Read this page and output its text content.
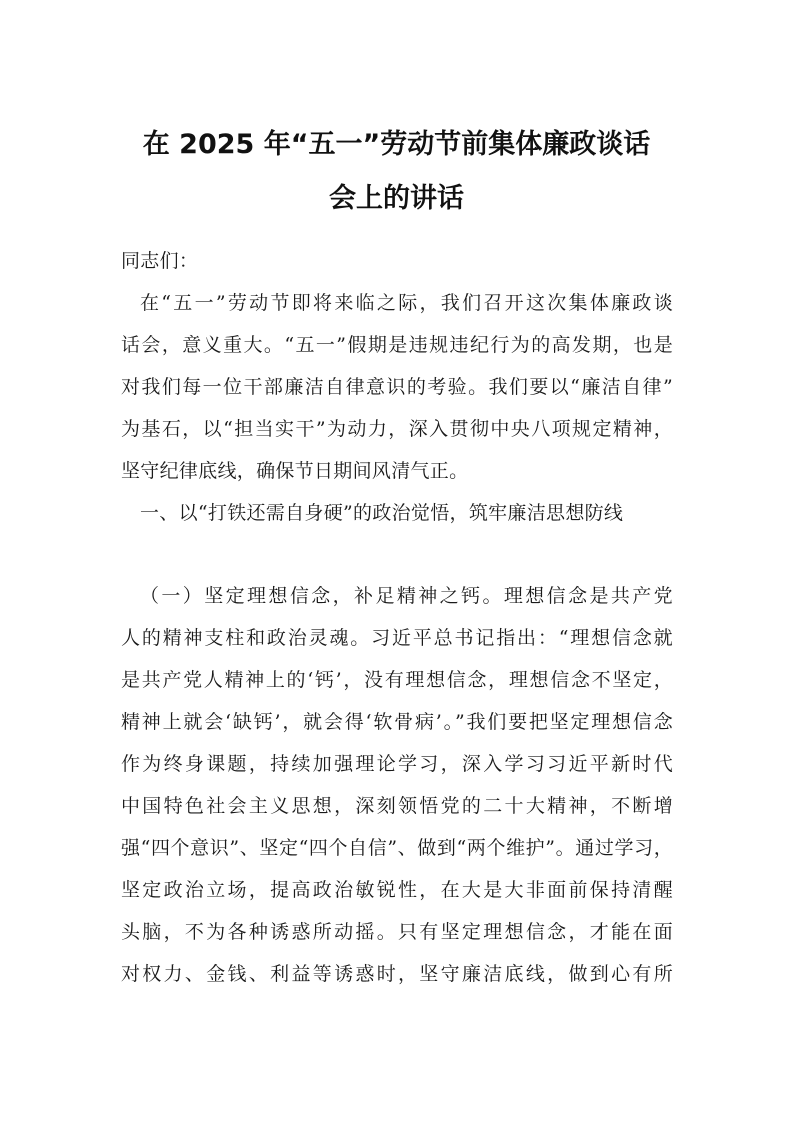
在 2025 年“五一”劳动节前集体廉政谈话
会上的讲话

同志们：

在“五一”劳动节即将来临之际，我们召开这次集体廉政谈

话会，意义重大。“五一”假期是违规违纪行为的高发期，也是

对我们每一位干部廉洁自律意识的考验。我们要以“廉洁自律”

为基石，以“担当实干”为动力，深入贯彻中央八项规定精神，

坚守纪律底线，确保节日期间风清气正。

一、以“打铁还需自身硬”的政治觉悟，筑牢廉洁思想防线

（一）坚定理想信念，补足精神之钙。理想信念是共产党

人的精神支柱和政治灵魂。习近平总书记指出：“理想信念就

是共产党人精神上的‘钙’，没有理想信念，理想信念不坚定，

精神上就会‘缺钙’，就会得‘软骨病’。”我们要把坚定理想信念

作为终身课题，持续加强理论学习，深入学习习近平新时代

中国特色社会主义思想，深刻领悟党的二十大精神，不断增

强“四个意识”、坚定“四个自信”、做到“两个维护”。通过学习，

坚定政治立场，提高政治敏锐性，在大是大非面前保持清醒

头脑，不为各种诱惑所动摇。只有坚定理想信念，才能在面

对权力、金钱、利益等诱惑时，坚守廉洁底线，做到心有所
